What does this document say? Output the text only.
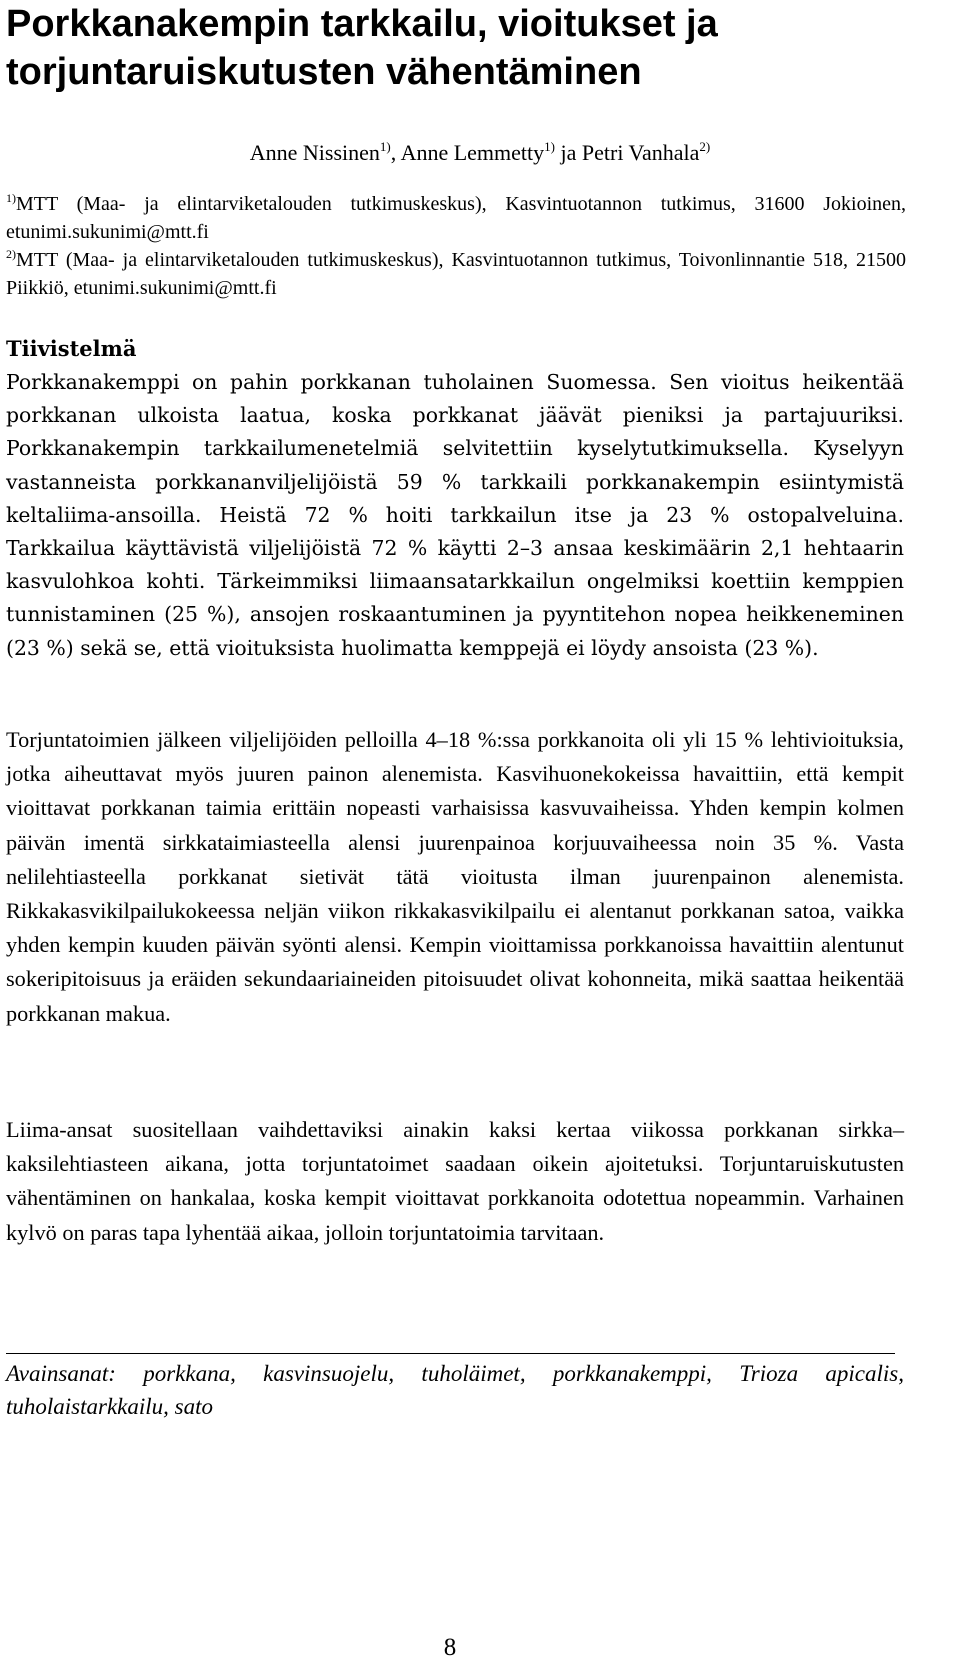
Porkkanakempin tarkkailu, vioitukset ja torjuntaruiskutusten vähentäminen
Anne Nissinen$^{1)}$, Anne Lemmetty$^{1)}$ ja Petri Vanhala$^{2)}$
$^{1)}$MTT (Maa- ja elintarviketalouden tutkimuskeskus), Kasvintuotannon tutkimus, 31600 Jokioinen, etunimi.sukunimi@mtt.fi
$^{2)}$MTT (Maa- ja elintarviketalouden tutkimuskeskus), Kasvintuotannon tutkimus, Toivonlinnantie 518, 21500 Piikkiö, etunimi.sukunimi@mtt.fi
Tiivistelmä

Porkkanakemppi on pahin porkkanan tuholainen Suomessa. Sen vioitus heikentää porkkanan ulkoista laatua, koska porkkanat jäävät pieniksi ja partajuuriksi. Porkkanakempin tarkkailumenetelmiä selvitettiin kyselytutkimuksella. Kyselyyn vastanneista porkkananviljelijöistä 59 % tarkkaili porkkanakempin esiintymistä keltaliima-ansoilla. Heistä 72 % hoiti tarkkailun itse ja 23 % ostopalveluina. Tarkkailua käyttävistä viljelijöistä 72 % käytti 2–3 ansaa keskimäärin 2,1 hehtaarin kasvulohkoa kohti. Tärkeimmiksi liimaansatarkkailun ongelmiksi koettiin kemppien tunnistaminen (25 %), ansojen roskaantuminen ja pyyntitehon nopea heikkeneminen (23 %) sekä se, että vioituksista huolimatta kemppejä ei löydy ansoista (23 %).

Torjuntatoimien jälkeen viljelijöiden pelloilla 4–18 %:ssa porkkanoita oli yli 15 % lehtivioituksia, jotka aiheuttavat myös juuren painon alenemista. Kasvihuonekokeissa havaittiin, että kempit vioittavat porkkanan taimia erittäin nopeasti varhaisissa kasvuvaiheissa. Yhden kempin kolmen päivän imentä sirkkataimiasteella alensi juurenpainoa korjuuvaiheessa noin 35 %. Vasta nelilehtiasteella porkkanat sietivät tätä vioitusta ilman juurenpainon alenemista. Rikkakasvikilpailukokeessa neljän viikon rikkakasvikilpailu ei alentanut porkkanan satoa, vaikka yhden kempin kuuden päivän syönti alensi. Kempin vioittamissa porkkanoissa havaittiin alentunut sokeripitoisuus ja eräiden sekundaariaineiden pitoisuudet olivat kohonneita, mikä saattaa heikentää porkkanan makua.

Liima-ansat suositellaan vaihdettaviksi ainakin kaksi kertaa viikossa porkkanan sirkka–kaksilehtiasteen aikana, jotta torjuntatoimet saadaan oikein ajoitetuksi. Torjuntaruiskutusten vähentäminen on hankalaa, koska kempit vioittavat porkkanoita odotettua nopeammin. Varhainen kylvö on paras tapa lyhentää aikaa, jolloin torjuntatoimia tarvitaan.

Avainsanat: porkkana, kasvinsuojelu, tuholäimet, porkkanakemppi, Trioza apicalis, tuholaistarkkailu, sato

8
